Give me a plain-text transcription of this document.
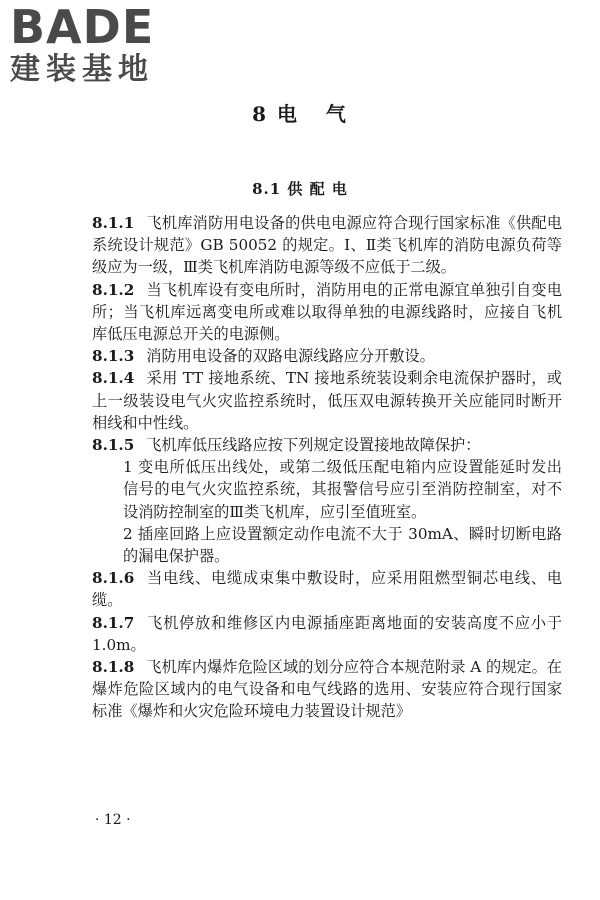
BADE
建装基地
8 电   气
8.1 供 配 电

8.1.1 飞机库消防用电设备的供电电源应符合现行国家标准《供配电系统设计规范》GB 50052 的规定。Ⅰ、Ⅱ类飞机库的消防电源负荷等级应为一级，Ⅲ类飞机库消防电源等级不应低于二级。

8.1.2 当飞机库设有变电所时，消防用电的正常电源宜单独引自变电所；当飞机库远离变电所或难以取得单独的电源线路时，应接自飞机库低压电源总开关的电源侧。

8.1.3 消防用电设备的双路电源线路应分开敷设。

8.1.4 采用 TT 接地系统、TN 接地系统装设剩余电流保护器时，或上一级装设电气火灾监控系统时，低压双电源转换开关应能同时断开相线和中性线。

8.1.5 飞机库低压线路应按下列规定设置接地故障保护：

1 变电所低压出线处，或第二级低压配电箱内应设置能延时发出信号的电气火灾监控系统，其报警信号应引至消防控制室，对不设消防控制室的Ⅲ类飞机库，应引至值班室。

2 插座回路上应设置额定动作电流不大于 30mA、瞬时切断电路的漏电保护器。

8.1.6 当电线、电缆成束集中敷设时，应采用阻燃型铜芯电线、电缆。

8.1.7 飞机停放和维修区内电源插座距离地面的安装高度不应小于 1.0m。

8.1.8 飞机库内爆炸危险区域的划分应符合本规范附录 A 的规定。在爆炸危险区域内的电气设备和电气线路的选用、安装应符合现行国家标准《爆炸和火灾危险环境电力装置设计规范》

· 12 ·
